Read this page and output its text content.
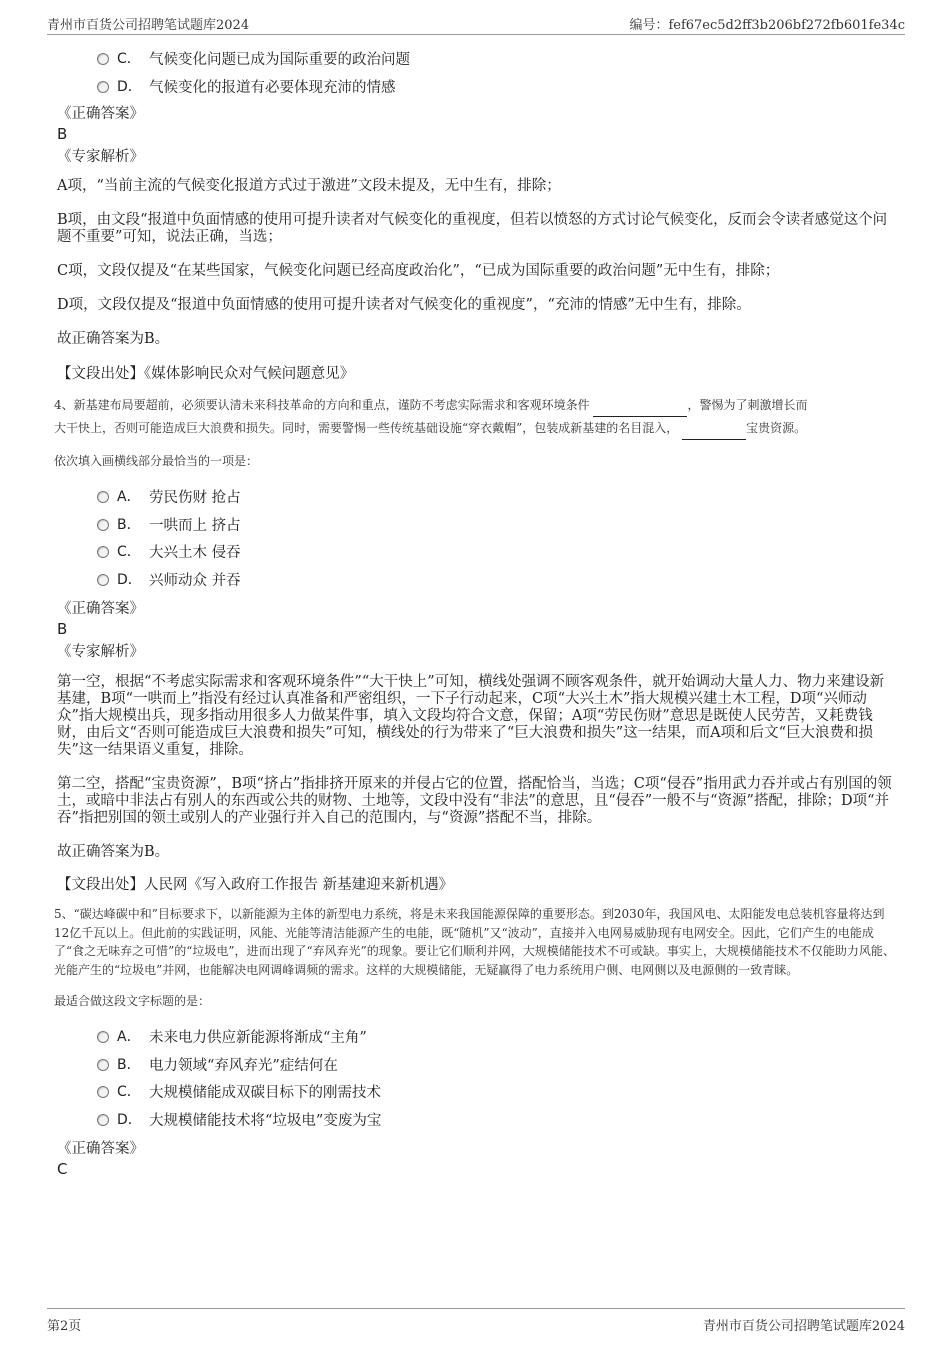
青州市百货公司招聘笔试题库2024	编号：fef67ec5d2ff3b206bf272fb601fe34c
C． 气候变化问题已成为国际重要的政治问题
D． 气候变化的报道有必要体现充沛的情感
《正确答案》
B
《专家解析》

A项，“当前主流的气候变化报道方式过于激进”文段未提及，无中生有，排除；

B项，由文段“报道中负面情感的使用可提升读者对气候变化的重视度，但若以愤怒的方式讨论气候变化，反而会令读者感觉这个问题不重要”可知，说法正确，当选；

C项，文段仅提及“在某些国家，气候变化问题已经高度政治化”，“已成为国际重要的政治问题”无中生有，排除；

D项，文段仅提及“报道中负面情感的使用可提升读者对气候变化的重视度”，“充沛的情感”无中生有，排除。

故正确答案为B。

【文段出处】《媒体影响民众对气候问题意见》

4、新基建布局要超前，必须要认清未来科技革命的方向和重点，谨防不考虑实际需求和客观环境条件	，警惕为了刺激增长而
大干快上，否则可能造成巨大浪费和损失。同时，需要警惕一些传统基础设施“穿衣戴帽”，包装成新基建的名目混入，	宝贵资源。

依次填入画横线部分最恰当的一项是：

A． 劳民伤财 抢占
B． 一哄而上 挤占
C． 大兴土木 侵吞
D． 兴师动众 并吞
《正确答案》
B
《专家解析》

第一空，根据“不考虑实际需求和客观环境条件”“大干快上”可知，横线处强调不顾客观条件，就开始调动大量人力、物力来建设新基建，B项“一哄而上”指没有经过认真准备和严密组织，一下子行动起来，C项“大兴土木”指大规模兴建土木工程，D项“兴师动众”指大规模出兵，现多指动用很多人力做某件事，填入文段均符合文意，保留；A项“劳民伤财”意思是既使人民劳苦，又耗费钱财，由后文“否则可能造成巨大浪费和损失”可知，横线处的行为带来了“巨大浪费和损失”这一结果，而A项和后文“巨大浪费和损失”这一结果语义重复，排除。

第二空，搭配“宝贵资源”，B项“挤占”指排挤开原来的并侵占它的位置，搭配恰当，当选；C项“侵吞”指用武力吞并或占有别国的领土，或暗中非法占有别人的东西或公共的财物、土地等，文段中没有“非法”的意思，且“侵吞”一般不与“资源”搭配，排除；D项“并吞”指把别国的领土或别人的产业强行并入自己的范围内，与“资源”搭配不当，排除。

故正确答案为B。

【文段出处】人民网《写入政府工作报告 新基建迎来新机遇》

5、“碳达峰碳中和”目标要求下，以新能源为主体的新型电力系统，将是未来我国能源保障的重要形态。到2030年，我国风电、太阳能发电总装机容量将达到12亿千瓦以上。但此前的实践证明，风能、光能等清洁能源产生的电能，既“随机”又“波动”，直接并入电网易威胁现有电网安全。因此，它们产生的电能成了“食之无味弃之可惜”的“垃圾电”，进而出现了“弃风弃光”的现象。要让它们顺利并网，大规模储能技术不可或缺。事实上，大规模储能技术不仅能助力风能、光能产生的“垃圾电”并网，也能解决电网调峰调频的需求。这样的大规模储能，无疑赢得了电力系统用户侧、电网侧以及电源侧的一致青睐。

最适合做这段文字标题的是：

A． 未来电力供应新能源将渐成“主角”
B． 电力领域“弃风弃光”症结何在
C． 大规模储能成双碳目标下的刚需技术
D． 大规模储能技术将“垃圾电”变废为宝
《正确答案》
C
第2页	青州市百货公司招聘笔试题库2024
